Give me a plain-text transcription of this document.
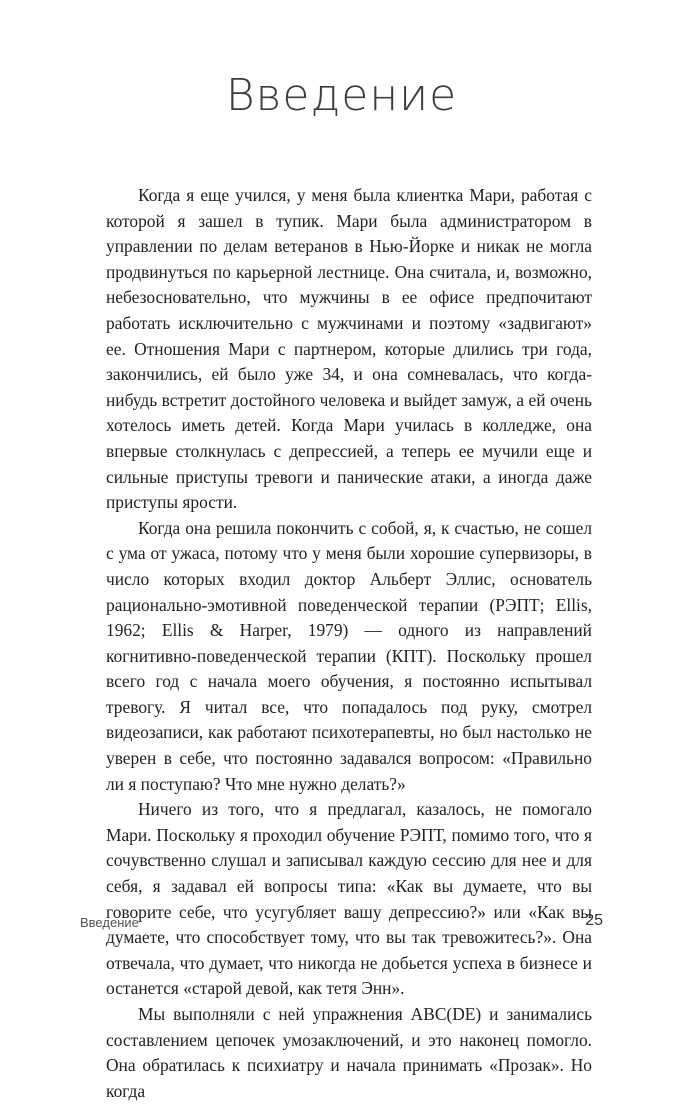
Введение

Когда я еще учился, у меня была клиентка Мари, работая с которой я зашел в тупик. Мари была администратором в управлении по делам ветеранов в Нью-Йорке и никак не могла продвинуться по карьерной лестнице. Она считала, и, возможно, небезосновательно, что мужчины в ее офисе предпочитают работать исключительно с мужчинами и поэтому «задвигают» ее. Отношения Мари с партнером, которые длились три года, закончились, ей было уже 34, и она сомневалась, что когда-нибудь встретит достойного человека и выйдет замуж, а ей очень хотелось иметь детей. Когда Мари училась в колледже, она впервые столкнулась с депрессией, а теперь ее мучили еще и сильные приступы тревоги и панические атаки, а иногда даже приступы ярости.

Когда она решила покончить с собой, я, к счастью, не сошел с ума от ужаса, потому что у меня были хорошие супервизоры, в число которых входил доктор Альберт Эллис, основатель рационально-эмотивной поведенческой терапии (РЭПТ; Ellis, 1962; Ellis & Harper, 1979) — одного из направлений когнитивно-поведенческой терапии (КПТ). Поскольку прошел всего год с начала моего обучения, я постоянно испытывал тревогу. Я читал все, что попадалось под руку, смотрел видеозаписи, как работают психотерапевты, но был настолько не уверен в себе, что постоянно задавался вопросом: «Правильно ли я поступаю? Что мне нужно делать?»

Ничего из того, что я предлагал, казалось, не помогало Мари. Поскольку я проходил обучение РЭПТ, помимо того, что я сочувственно слушал и записывал каждую сессию для нее и для себя, я задавал ей вопросы типа: «Как вы думаете, что вы говорите себе, что усугубляет вашу депрессию?» или «Как вы думаете, что способствует тому, что вы так тревожитесь?». Она отвечала, что думает, что никогда не добьется успеха в бизнесе и останется «старой девой, как тетя Энн».

Мы выполняли с ней упражнения ABC(DE) и занимались составлением цепочек умозаключений, и это наконец помогло. Она обратилась к психиатру и начала принимать «Прозак». Но когда

Введение	25
